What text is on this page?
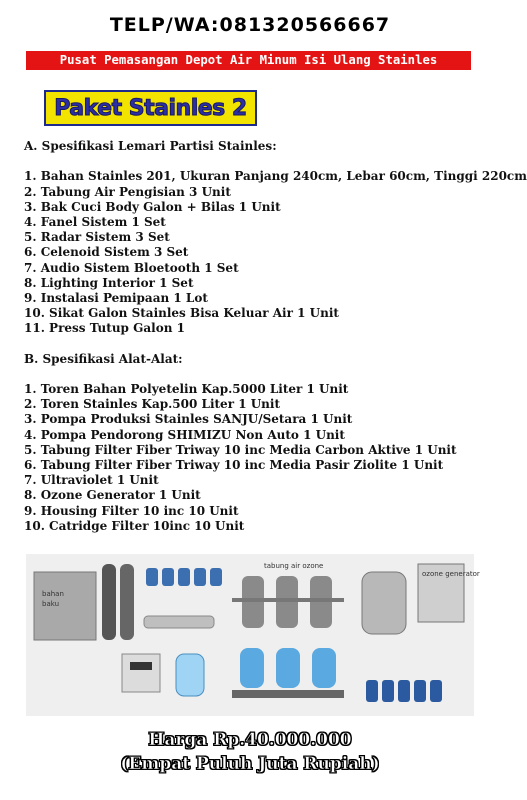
TELP/WA:081320566667
Pusat Pemasangan Depot Air Minum Isi Ulang Stainles
Paket Stainles 2
A. Spesifikasi Lemari Partisi Stainles:
1. Bahan Stainles 201, Ukuran Panjang 240cm, Lebar 60cm, Tinggi 220cm
2. Tabung Air Pengisian 3 Unit
3. Bak Cuci Body Galon + Bilas 1 Unit
4. Fanel Sistem 1 Set
5. Radar Sistem 3 Set
6. Celenoid Sistem 3 Set
7. Audio Sistem Bloetooth 1 Set
8. Lighting Interior 1 Set
9. Instalasi Pemipaan 1 Lot
10. Sikat Galon Stainles Bisa Keluar Air 1 Unit
11. Press Tutup Galon 1
B. Spesifikasi Alat-Alat:
1. Toren Bahan Polyetelin Kap.5000 Liter 1 Unit
2. Toren Stainles Kap.500 Liter 1 Unit
3. Pompa Produksi Stainles SANJU/Setara 1 Unit
4. Pompa Pendorong SHIMIZU Non Auto 1 Unit
5. Tabung Filter Fiber Triway 10 inc Media Carbon Aktive 1 Unit
6. Tabung Filter Fiber Triway 10 inc Media Pasir Ziolite 1 Unit
7. Ultraviolet 1 Unit
8. Ozone Generator 1 Unit
9. Housing Filter 10 inc 10 Unit
10. Catridge Filter 10inc 10 Unit
bahan
baku
tabung air ozone
ozone generator
Harga Rp.40.000.000
(Empat Puluh Juta Rupiah)
